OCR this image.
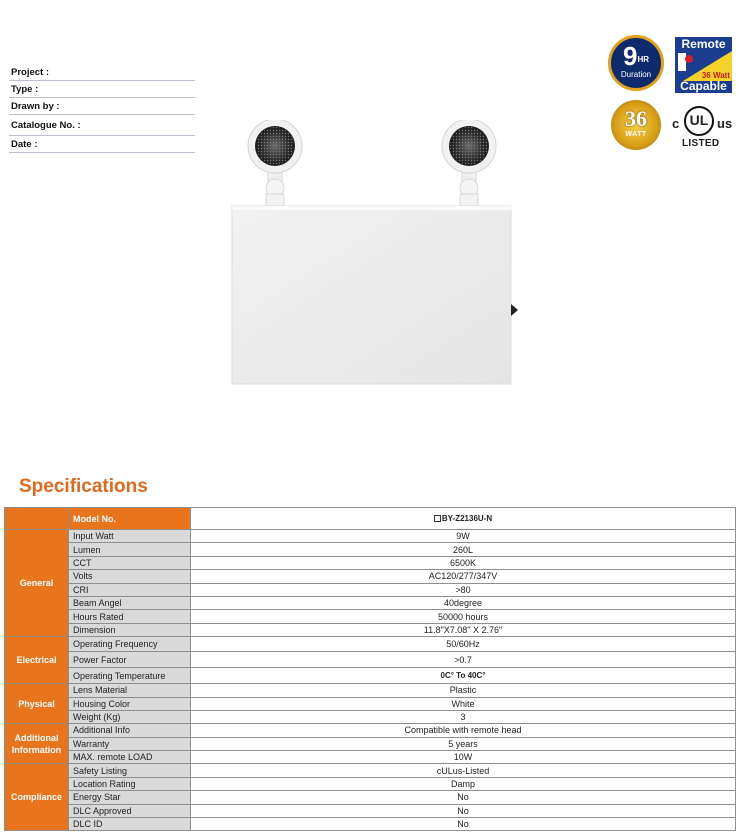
Project :
Type :
Drawn by :
Catalogue No. :
Date :
$9^{HR}$
Duration
Remote
36 Watt
Capable
36
WATT
c UL us
LISTED
Specifications
	Model No.	BY-Z2136U-N
General	Input Watt	9W
	Lumen	260L
	CCT	6500K
	Volts	AC120/277/347V
	CRI	>80
	Beam Angel	40degree
	Hours Rated	50000 hours
	Dimension	11.8"X7.08" X 2.76"
Electrical	Operating Frequency	50/60Hz
	Power Factor	>0.7
	Operating Temperature	0C° To 40C°
Physical	Lens Material	Plastic
	Housing Color	White
	Weight (Kg)	3
Additional Information	Additional Info	Compatible with remote head
	Warranty	5 years
	MAX. remote LOAD	10W
Compliance	Safety Listing	cULus-Listed
	Location Rating	Damp
	Energy Star	No
	DLC Approved	No
	DLC ID	No
